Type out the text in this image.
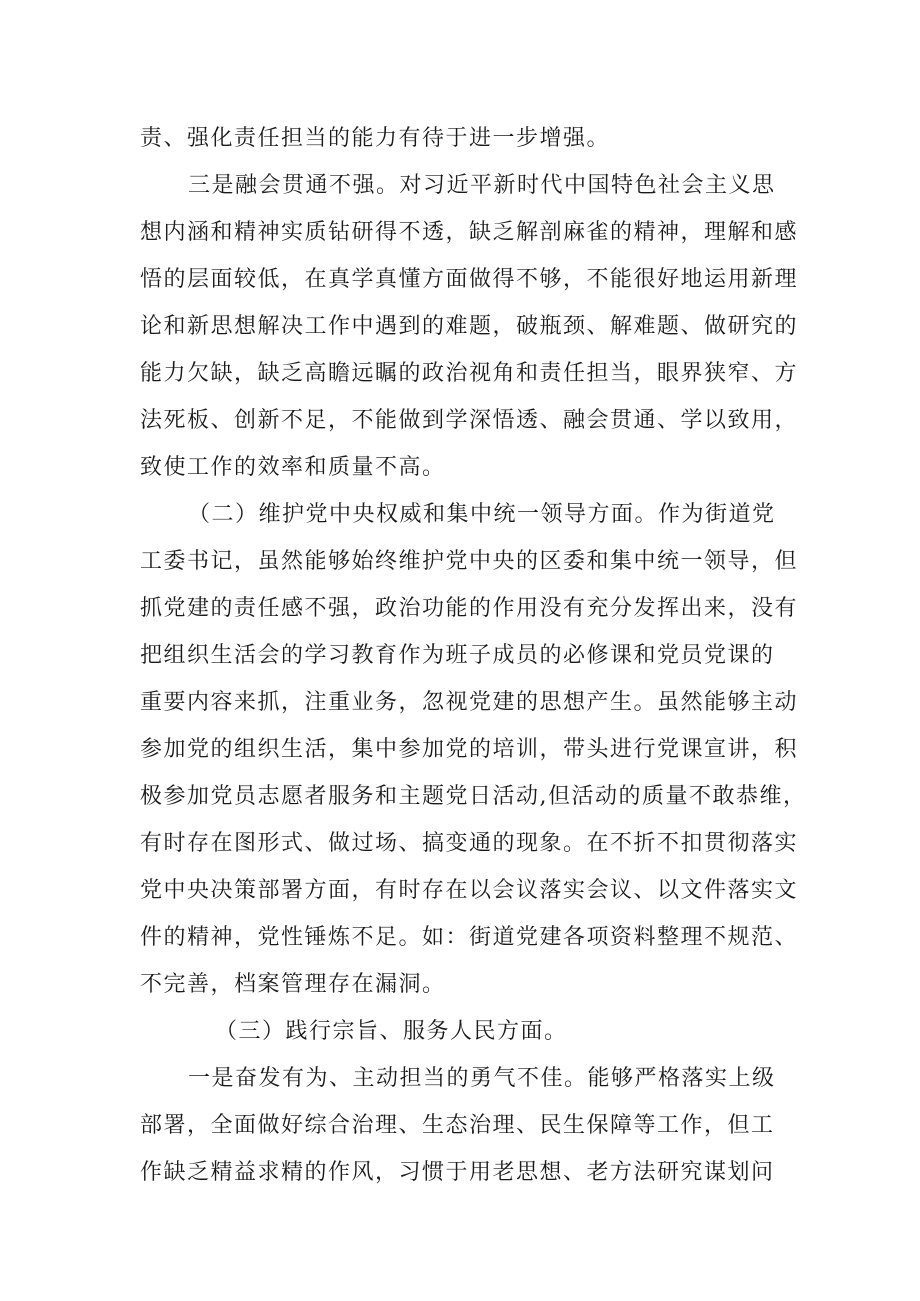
责、强化责任担当的能力有待于进一步增强。
三是融会贯通不强。对习近平新时代中国特色社会主义思
想内涵和精神实质钻研得不透，缺乏解剖麻雀的精神，理解和感
悟的层面较低，在真学真懂方面做得不够，不能很好地运用新理
论和新思想解决工作中遇到的难题，破瓶颈、解难题、做研究的
能力欠缺，缺乏高瞻远瞩的政治视角和责任担当，眼界狭窄、方
法死板、创新不足，不能做到学深悟透、融会贯通、学以致用，
致使工作的效率和质量不高。
（二）维护党中央权威和集中统一领导方面。作为街道党
工委书记，虽然能够始终维护党中央的区委和集中统一领导，但
抓党建的责任感不强，政治功能的作用没有充分发挥出来，没有
把组织生活会的学习教育作为班子成员的必修课和党员党课的
重要内容来抓，注重业务，忽视党建的思想产生。虽然能够主动
参加党的组织生活，集中参加党的培训，带头进行党课宣讲，积
极参加党员志愿者服务和主题党日活动,但活动的质量不敢恭维，
有时存在图形式、做过场、搞变通的现象。在不折不扣贯彻落实
党中央决策部署方面，有时存在以会议落实会议、以文件落实文
件的精神，党性锤炼不足。如：街道党建各项资料整理不规范、
不完善，档案管理存在漏洞。
（三）践行宗旨、服务人民方面。
一是奋发有为、主动担当的勇气不佳。能够严格落实上级
部署，全面做好综合治理、生态治理、民生保障等工作，但工
作缺乏精益求精的作风，习惯于用老思想、老方法研究谋划问
